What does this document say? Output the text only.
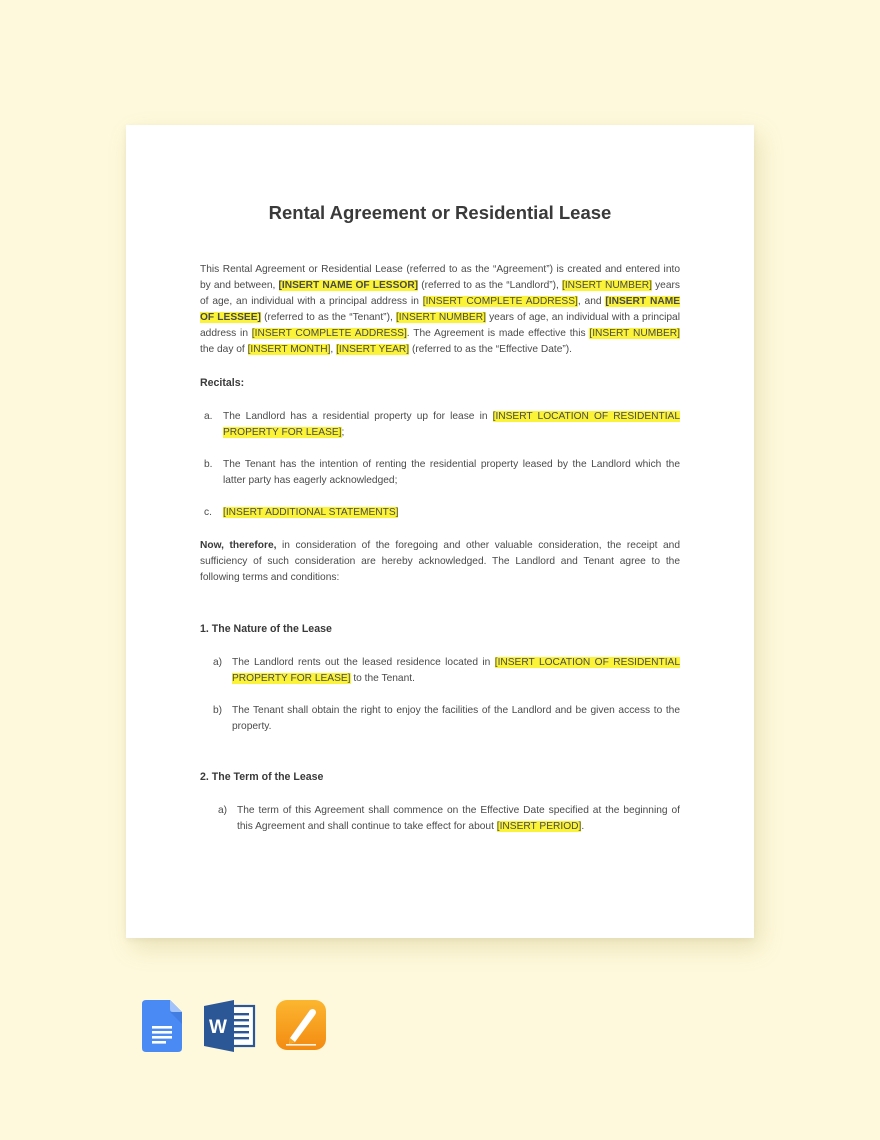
Rental Agreement or Residential Lease

This Rental Agreement or Residential Lease (referred to as the “Agreement”) is created and entered into by and between, [INSERT NAME OF LESSOR] (referred to as the “Landlord”), [INSERT NUMBER] years of age, an individual with a principal address in [INSERT COMPLETE ADDRESS], and [INSERT NAME OF LESSEE] (referred to as the “Tenant”), [INSERT NUMBER] years of age, an individual with a principal address in [INSERT COMPLETE ADDRESS]. The Agreement is made effective this [INSERT NUMBER] the day of [INSERT MONTH], [INSERT YEAR] (referred to as the “Effective Date”).

Recitals:

a. The Landlord has a residential property up for lease in [INSERT LOCATION OF RESIDENTIAL PROPERTY FOR LEASE];

b. The Tenant has the intention of renting the residential property leased by the Landlord which the latter party has eagerly acknowledged;

c. [INSERT ADDITIONAL STATEMENTS]

Now, therefore, in consideration of the foregoing and other valuable consideration, the receipt and sufficiency of such consideration are hereby acknowledged. The Landlord and Tenant agree to the following terms and conditions:

1. The Nature of the Lease

a) The Landlord rents out the leased residence located in [INSERT LOCATION OF RESIDENTIAL PROPERTY FOR LEASE] to the Tenant.

b) The Tenant shall obtain the right to enjoy the facilities of the Landlord and be given access to the property.

2. The Term of the Lease

a) The term of this Agreement shall commence on the Effective Date specified at the beginning of this Agreement and shall continue to take effect for about [INSERT PERIOD].

W
